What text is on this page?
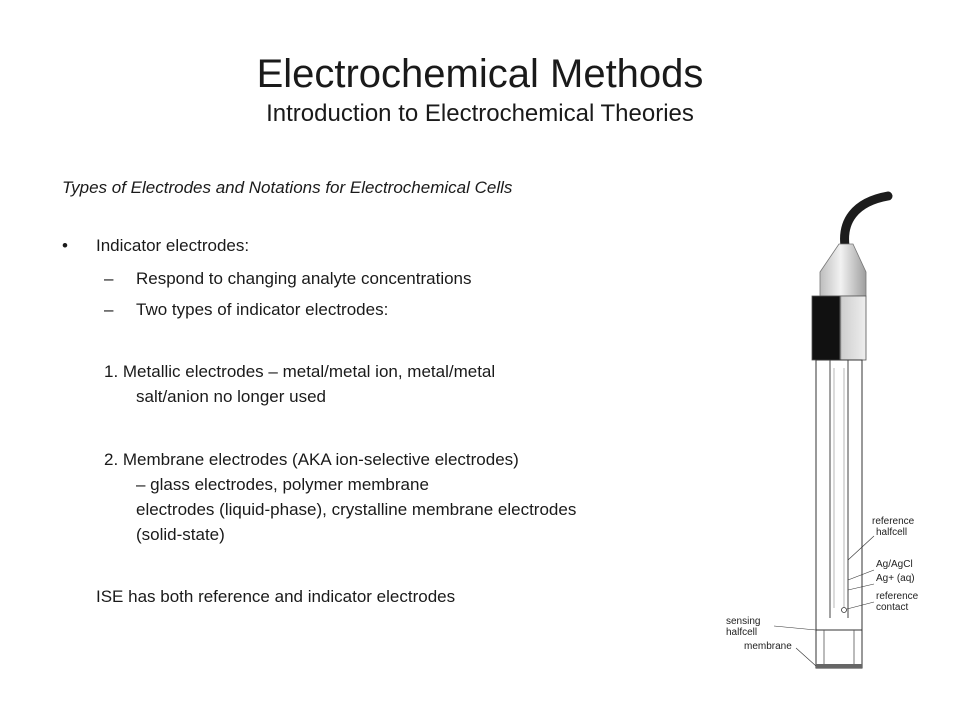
Electrochemical Methods
Introduction to Electrochemical Theories
Types of Electrodes and Notations for Electrochemical Cells
• Indicator electrodes:
– Respond to changing analyte concentrations
– Two types of indicator electrodes:
1. Metallic electrodes – metal/metal ion, metal/metal
salt/anion no longer used
2. Membrane electrodes (AKA ion-selective electrodes)
– glass electrodes, polymer membrane
electrodes (liquid-phase), crystalline membrane electrodes
(solid-state)
ISE has both reference and indicator electrodes
reference
halfcell
Ag/AgCl
Ag+ (aq)
reference
contact
sensing
halfcell
membrane
